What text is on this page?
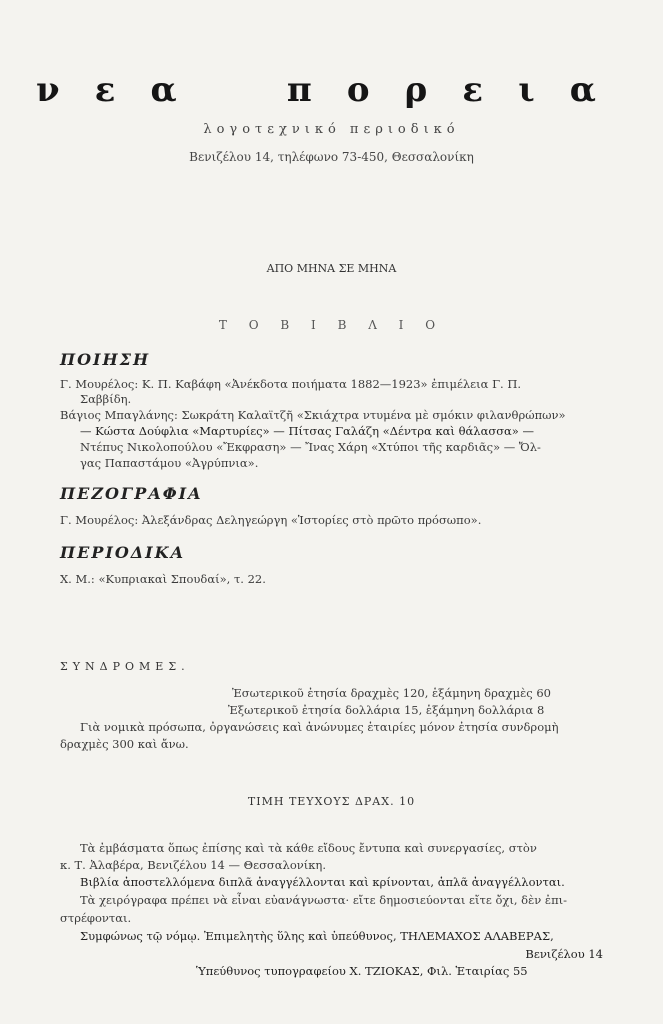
ν ε α	π ο ρ ε ι α
λογοτεχνικό περιοδικό
Βενιζέλου 14, τηλέφωνο 73-450, Θεσσαλονίκη
ΑΠΟ ΜΗΝΑ ΣΕ ΜΗΝΑ
Τ Ο Β Ι Β Λ Ι Ο
ΠΟΙΗΣΗ
Γ. Μουρέλος: Κ. Π. Καβάφη «Ἀνέκδοτα ποιήματα 1882—1923» ἐπιμέλεια Γ. Π.
Σαββίδη.
Βάγιος Μπαγλάνης: Σωκράτη Καλαϊτζῆ «Σκιάχτρα ντυμένα μὲ σμόκιν φιλανθρώπων»
— Κώστα Δούφλια «Μαρτυρίες» — Πίτσας Γαλάζη «Δέντρα καὶ θάλασσα» —
Ντέπυς Νικολοπούλου «Ἔκφραση» — Ἴνας Χάρη «Χτύποι τῆς καρδιᾶς» — Ὄλ-
γας Παπαστάμου «Ἀγρύπνια».
ΠΕΖΟΓΡΑΦΙΑ
Γ. Μουρέλος: Ἀλεξάνδρας Δεληγεώργη «Ἱστορίες στὸ πρῶτο πρόσωπο».
ΠΕΡΙΟΔΙΚΑ
Χ. Μ.: «Κυπριακαὶ Σπουδαί», τ. 22.
ΣΥΝΔΡΟΜΕΣ.
Ἐσωτερικοῦ ἐτησία δραχμὲς 120, ἑξάμηνη δραχμὲς 60
Ἐξωτερικοῦ ἐτησία δολλάρια 15, ἑξάμηνη δολλάρια 8
Γιὰ νομικὰ πρόσωπα, ὀργανώσεις καὶ ἀνώνυμες ἑταιρίες μόνον ἐτησία συνδρομὴ
δραχμὲς 300 καὶ ἄνω.
ΤΙΜΗ ΤΕΥΧΟΥΣ ΔΡΑΧ. 10
Τὰ ἐμβάσματα ὅπως ἐπίσης καὶ τὰ κάθε εἴδους ἔντυπα καὶ συνεργασίες, στὸν
κ. Τ. Ἀλαβέρα, Βενιζέλου 14 — Θεσσαλονίκη.
Βιβλία ἀποστελλόμενα διπλᾶ ἀναγγέλλονται καὶ κρίνονται, ἁπλᾶ ἀναγγέλλονται.
Τὰ χειρόγραφα πρέπει νὰ εἶναι εὐανάγνωστα· εἴτε δημοσιεύονται εἴτε ὄχι, δὲν ἐπι-
στρέφονται.
Συμφώνως τῷ νόμῳ. Ἐπιμελητὴς ὕλης καὶ ὑπεύθυνος, ΤΗΛΕΜΑΧΟΣ ΑΛΑΒΕΡΑΣ,
Βενιζέλου 14
Ὑπεύθυνος τυπογραφείου Χ. ΤΖΙΟΚΑΣ, Φιλ. Ἑταιρίας 55
